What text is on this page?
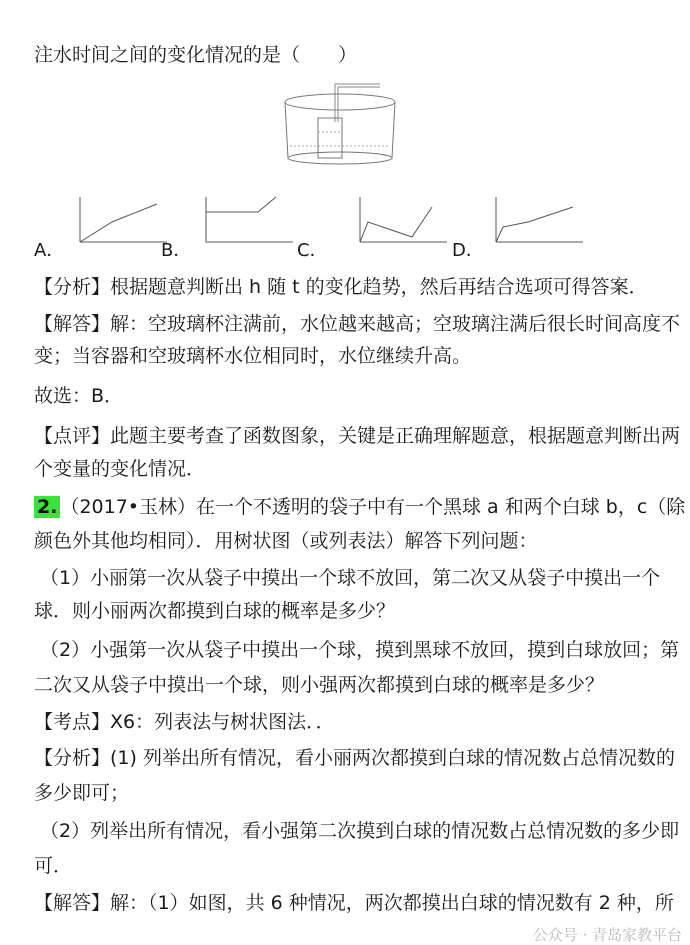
注水时间之间的变化情况的是（　　）
A．	B．	C．	D．
【分析】根据题意判断出 h 随 t 的变化趋势，然后再结合选项可得答案．
【解答】解：空玻璃杯注满前，水位越来越高；空玻璃注满后很长时间高度不
变；当容器和空玻璃杯水位相同时，水位继续升高。
故选：B．
【点评】此题主要考查了函数图象，关键是正确理解题意，根据题意判断出两
个变量的变化情况．
2. （2017•玉林）在一个不透明的袋子中有一个黑球 a 和两个白球 b，c（除
颜色外其他均相同）．用树状图（或列表法）解答下列问题：
（1）小丽第一次从袋子中摸出一个球不放回，第二次又从袋子中摸出一个
球．则小丽两次都摸到白球的概率是多少？
（2）小强第一次从袋子中摸出一个球，摸到黑球不放回，摸到白球放回；第
二次又从袋子中摸出一个球，则小强两次都摸到白球的概率是多少？
【考点】X6：列表法与树状图法．．
【分析】(1) 列举出所有情况，看小丽两次都摸到白球的情况数占总情况数的
多少即可；
（2）列举出所有情况，看小强第二次摸到白球的情况数占总情况数的多少即
可．
【解答】解：（1）如图，共 6 种情况，两次都摸出白球的情况数有 2 种，所
公众号 · 青岛家教平台
